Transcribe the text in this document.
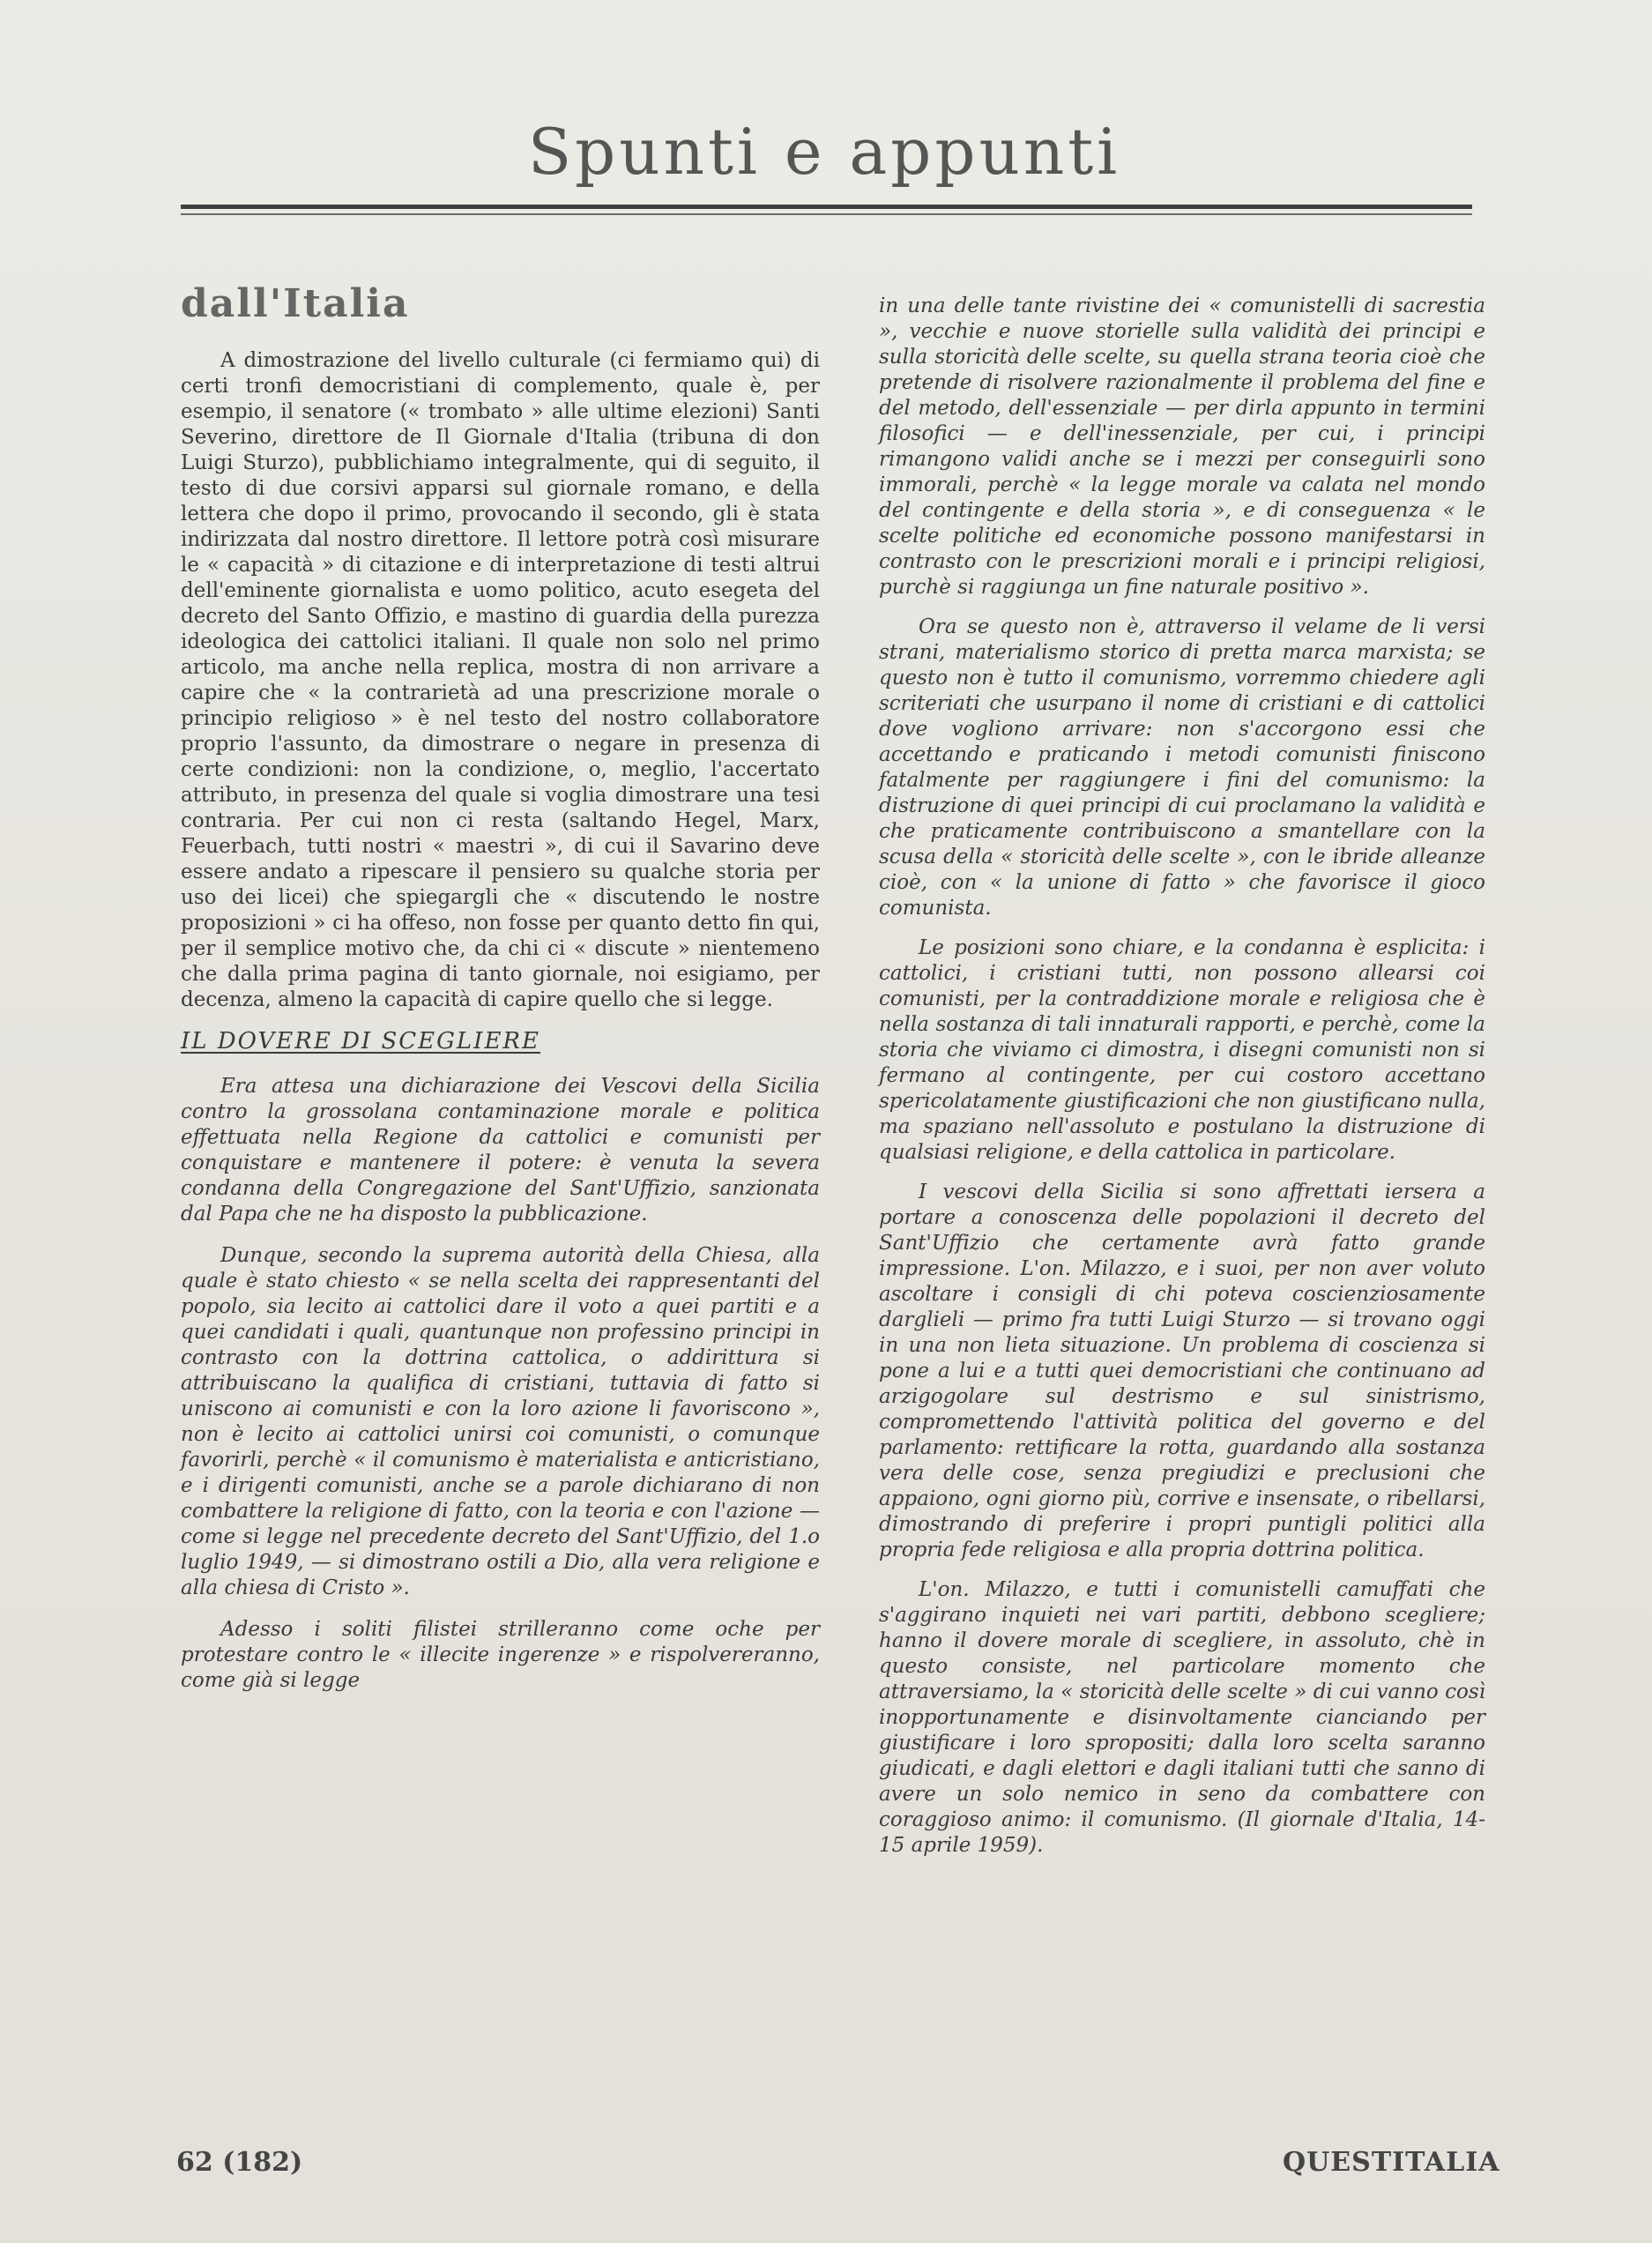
Spunti e appunti
dall'Italia

A dimostrazione del livello culturale (ci fermiamo qui) di certi tronfi democristiani di complemento, quale è, per esempio, il senatore (« trombato » alle ultime elezioni) Santi Severino, direttore de Il Giornale d'Italia (tribuna di don Luigi Sturzo), pubblichiamo integralmente, qui di seguito, il testo di due corsivi apparsi sul giornale romano, e della lettera che dopo il primo, provocando il secondo, gli è stata indirizzata dal nostro direttore. Il lettore potrà così misurare le « capacità » di citazione e di interpretazione di testi altrui dell'eminente giornalista e uomo politico, acuto esegeta del decreto del Santo Offizio, e mastino di guardia della purezza ideologica dei cattolici italiani. Il quale non solo nel primo articolo, ma anche nella replica, mostra di non arrivare a capire che « la contrarietà ad una prescrizione morale o principio religioso » è nel testo del nostro collaboratore proprio l'assunto, da dimostrare o negare in presenza di certe condizioni: non la condizione, o, meglio, l'accertato attributo, in presenza del quale si voglia dimostrare una tesi contraria. Per cui non ci resta (saltando Hegel, Marx, Feuerbach, tutti nostri « maestri », di cui il Savarino deve essere andato a ripescare il pensiero su qualche storia per uso dei licei) che spiegargli che « discutendo le nostre proposizioni » ci ha offeso, non fosse per quanto detto fin qui, per il semplice motivo che, da chi ci « discute » nientemeno che dalla prima pagina di tanto giornale, noi esigiamo, per decenza, almeno la capacità di capire quello che si legge.

IL DOVERE DI SCEGLIERE

Era attesa una dichiarazione dei Vescovi della Sicilia contro la grossolana contaminazione morale e politica effettuata nella Regione da cattolici e comunisti per conquistare e mantenere il potere: è venuta la severa condanna della Congregazione del Sant'Uffizio, sanzionata dal Papa che ne ha disposto la pubblicazione.

Dunque, secondo la suprema autorità della Chiesa, alla quale è stato chiesto « se nella scelta dei rappresentanti del popolo, sia lecito ai cattolici dare il voto a quei partiti e a quei candidati i quali, quantunque non professino principi in contrasto con la dottrina cattolica, o addirittura si attribuiscano la qualifica di cristiani, tuttavia di fatto si uniscono ai comunisti e con la loro azione li favoriscono », non è lecito ai cattolici unirsi coi comunisti, o comunque favorirli, perchè « il comunismo è materialista e anticristiano, e i dirigenti comunisti, anche se a parole dichiarano di non combattere la religione di fatto, con la teoria e con l'azione — come si legge nel precedente decreto del Sant'Uffizio, del 1.o luglio 1949, — si dimostrano ostili a Dio, alla vera religione e alla chiesa di Cristo ».

Adesso i soliti filistei strilleranno come oche per protestare contro le « illecite ingerenze » e rispolvereranno, come già si legge

in una delle tante rivistine dei « comunistelli di sacrestia », vecchie e nuove storielle sulla validità dei principi e sulla storicità delle scelte, su quella strana teoria cioè che pretende di risolvere razionalmente il problema del fine e del metodo, dell'essenziale — per dirla appunto in termini filosofici — e dell'inessenziale, per cui, i principi rimangono validi anche se i mezzi per conseguirli sono immorali, perchè « la legge morale va calata nel mondo del contingente e della storia », e di conseguenza « le scelte politiche ed economiche possono manifestarsi in contrasto con le prescrizioni morali e i principi religiosi, purchè si raggiunga un fine naturale positivo ».

Ora se questo non è, attraverso il velame de li versi strani, materialismo storico di pretta marca marxista; se questo non è tutto il comunismo, vorremmo chiedere agli scriteriati che usurpano il nome di cristiani e di cattolici dove vogliono arrivare: non s'accorgono essi che accettando e praticando i metodi comunisti finiscono fatalmente per raggiungere i fini del comunismo: la distruzione di quei principi di cui proclamano la validità e che praticamente contribuiscono a smantellare con la scusa della « storicità delle scelte », con le ibride alleanze cioè, con « la unione di fatto » che favorisce il gioco comunista.

Le posizioni sono chiare, e la condanna è esplicita: i cattolici, i cristiani tutti, non possono allearsi coi comunisti, per la contraddizione morale e religiosa che è nella sostanza di tali innaturali rapporti, e perchè, come la storia che viviamo ci dimostra, i disegni comunisti non si fermano al contingente, per cui costoro accettano spericolatamente giustificazioni che non giustificano nulla, ma spaziano nell'assoluto e postulano la distruzione di qualsiasi religione, e della cattolica in particolare.

I vescovi della Sicilia si sono affrettati iersera a portare a conoscenza delle popolazioni il decreto del Sant'Uffizio che certamente avrà fatto grande impressione. L'on. Milazzo, e i suoi, per non aver voluto ascoltare i consigli di chi poteva coscienziosamente darglieli — primo fra tutti Luigi Sturzo — si trovano oggi in una non lieta situazione. Un problema di coscienza si pone a lui e a tutti quei democristiani che continuano ad arzigogolare sul destrismo e sul sinistrismo, compromettendo l'attività politica del governo e del parlamento: rettificare la rotta, guardando alla sostanza vera delle cose, senza pregiudizi e preclusioni che appaiono, ogni giorno più, corrive e insensate, o ribellarsi, dimostrando di preferire i propri puntigli politici alla propria fede religiosa e alla propria dottrina politica.

L'on. Milazzo, e tutti i comunistelli camuffati che s'aggirano inquieti nei vari partiti, debbono scegliere; hanno il dovere morale di scegliere, in assoluto, chè in questo consiste, nel particolare momento che attraversiamo, la « storicità delle scelte » di cui vanno così inopportunamente e disinvoltamente cianciando per giustificare i loro spropositi; dalla loro scelta saranno giudicati, e dagli elettori e dagli italiani tutti che sanno di avere un solo nemico in seno da combattere con coraggioso animo: il comunismo. (Il giornale d'Italia, 14-15 aprile 1959).

62 (182)	QUESTITALIA
